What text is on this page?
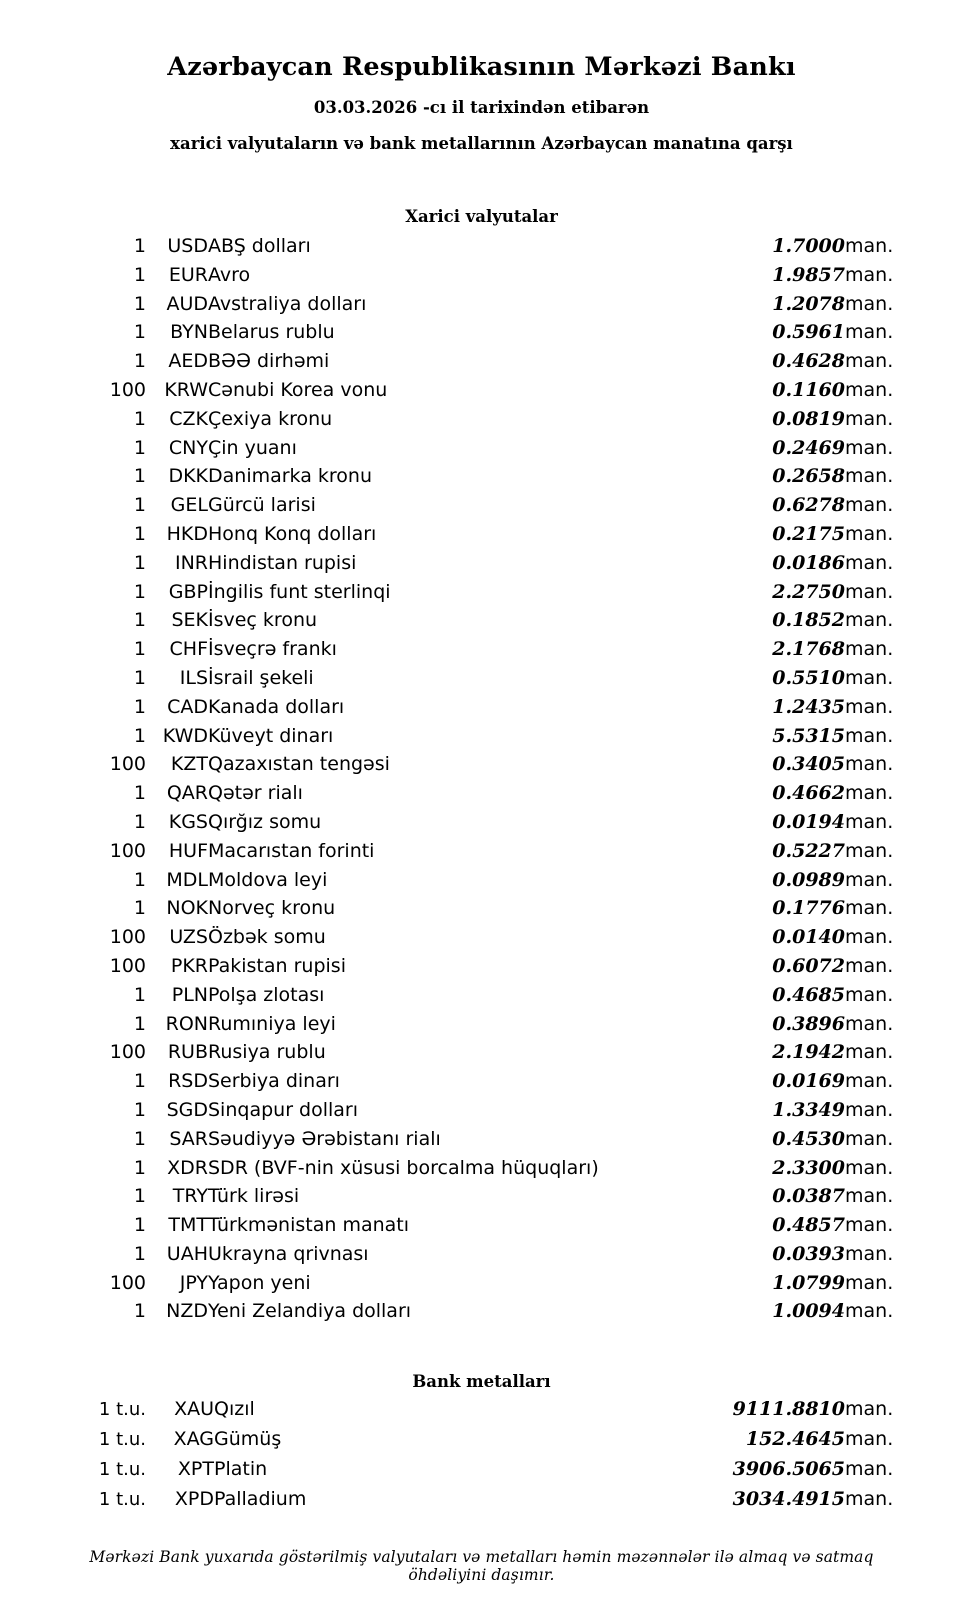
Azərbaycan Respublikasının Mərkəzi Bankı
03.03.2026 -cı il tarixindən etibarən
xarici valyutaların və bank metallarının Azərbaycan manatına qarşı
Xarici valyutalar
1	USD	ABŞ dolları	1.7000	man.
1	EUR	Avro	1.9857	man.
1	AUD	Avstraliya dolları	1.2078	man.
1	BYN	Belarus rublu	0.5961	man.
1	AED	BƏƏ dirhəmi	0.4628	man.
100	KRW	Cənubi Korea vonu	0.1160	man.
1	CZK	Çexiya kronu	0.0819	man.
1	CNY	Çin yuanı	0.2469	man.
1	DKK	Danimarka kronu	0.2658	man.
1	GEL	Gürcü larisi	0.6278	man.
1	HKD	Honq Konq dolları	0.2175	man.
1	INR	Hindistan rupisi	0.0186	man.
1	GBP	İngilis funt sterlinqi	2.2750	man.
1	SEK	İsveç kronu	0.1852	man.
1	CHF	İsveçrə frankı	2.1768	man.
1	ILS	İsrail şekeli	0.5510	man.
1	CAD	Kanada dolları	1.2435	man.
1	KWD	Küveyt dinarı	5.5315	man.
100	KZT	Qazaxıstan tengəsi	0.3405	man.
1	QAR	Qətər rialı	0.4662	man.
1	KGS	Qırğız somu	0.0194	man.
100	HUF	Macarıstan forinti	0.5227	man.
1	MDL	Moldova leyi	0.0989	man.
1	NOK	Norveç kronu	0.1776	man.
100	UZS	Özbək somu	0.0140	man.
100	PKR	Pakistan rupisi	0.6072	man.
1	PLN	Polşa zlotası	0.4685	man.
1	RON	Rumıniya leyi	0.3896	man.
100	RUB	Rusiya rublu	2.1942	man.
1	RSD	Serbiya dinarı	0.0169	man.
1	SGD	Sinqapur dolları	1.3349	man.
1	SAR	Səudiyyə Ərəbistanı rialı	0.4530	man.
1	XDR	SDR (BVF-nin xüsusi borcalma hüquqları)	2.3300	man.
1	TRY	Türk lirəsi	0.0387	man.
1	TMT	Türkmənistan manatı	0.4857	man.
1	UAH	Ukrayna qrivnası	0.0393	man.
100	JPY	Yapon yeni	1.0799	man.
1	NZD	Yeni Zelandiya dolları	1.0094	man.
Bank metalları
1 t.u.	XAU	Qızıl	9111.8810	man.
1 t.u.	XAG	Gümüş	152.4645	man.
1 t.u.	XPT	Platin	3906.5065	man.
1 t.u.	XPD	Palladium	3034.4915	man.
Mərkəzi Bank yuxarıda göstərilmiş valyutaları və metalları həmin məzənnələr ilə almaq və satmaq öhdəliyini daşımır.
